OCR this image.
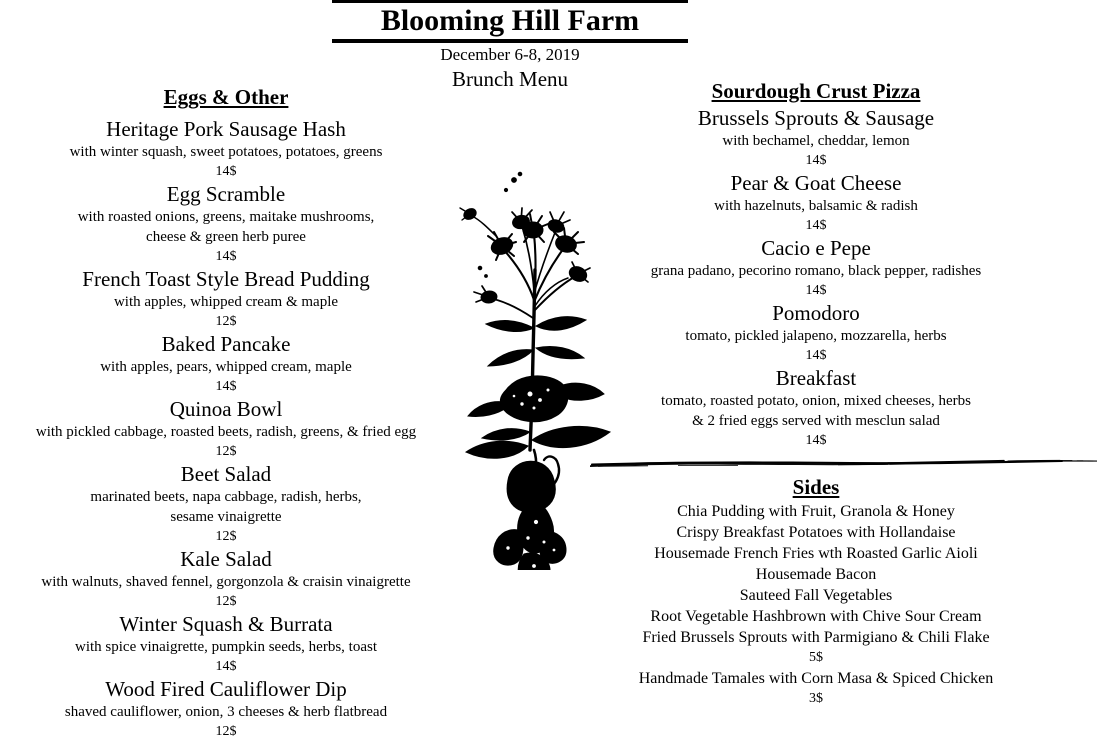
Blooming Hill Farm
December 6-8, 2019
Brunch Menu
Eggs & Other
Heritage Pork Sausage Hash
with winter squash, sweet potatoes, potatoes, greens
14$
Egg Scramble
with roasted onions, greens, maitake mushrooms,
cheese & green herb puree
14$
French Toast Style Bread Pudding
with apples, whipped cream & maple
12$
Baked Pancake
with apples, pears, whipped cream, maple
14$
Quinoa Bowl
with pickled cabbage, roasted beets, radish, greens, & fried egg
12$
Beet Salad
marinated beets, napa cabbage, radish, herbs,
sesame vinaigrette
12$
Kale Salad
with walnuts, shaved fennel, gorgonzola & craisin vinaigrette
12$
Winter Squash & Burrata
with spice vinaigrette, pumpkin seeds, herbs, toast
14$
Wood Fired Cauliflower Dip
shaved cauliflower, onion, 3 cheeses & herb flatbread
12$
Sourdough Crust Pizza
Brussels Sprouts & Sausage
with bechamel, cheddar, lemon
14$
Pear & Goat Cheese
with hazelnuts, balsamic & radish
14$
Cacio e Pepe
grana padano, pecorino romano, black pepper, radishes
14$
Pomodoro
tomato, pickled jalapeno, mozzarella, herbs
14$
Breakfast
tomato, roasted potato, onion, mixed cheeses, herbs
& 2 fried eggs served with mesclun salad
14$
Sides
Chia Pudding with Fruit, Granola & Honey
Crispy Breakfast Potatoes with Hollandaise
Housemade French Fries wth Roasted Garlic Aioli
Housemade Bacon
Sauteed Fall Vegetables
Root Vegetable Hashbrown with Chive Sour Cream
Fried Brussels Sprouts with Parmigiano & Chili Flake
5$
Handmade Tamales with Corn Masa & Spiced Chicken
3$
